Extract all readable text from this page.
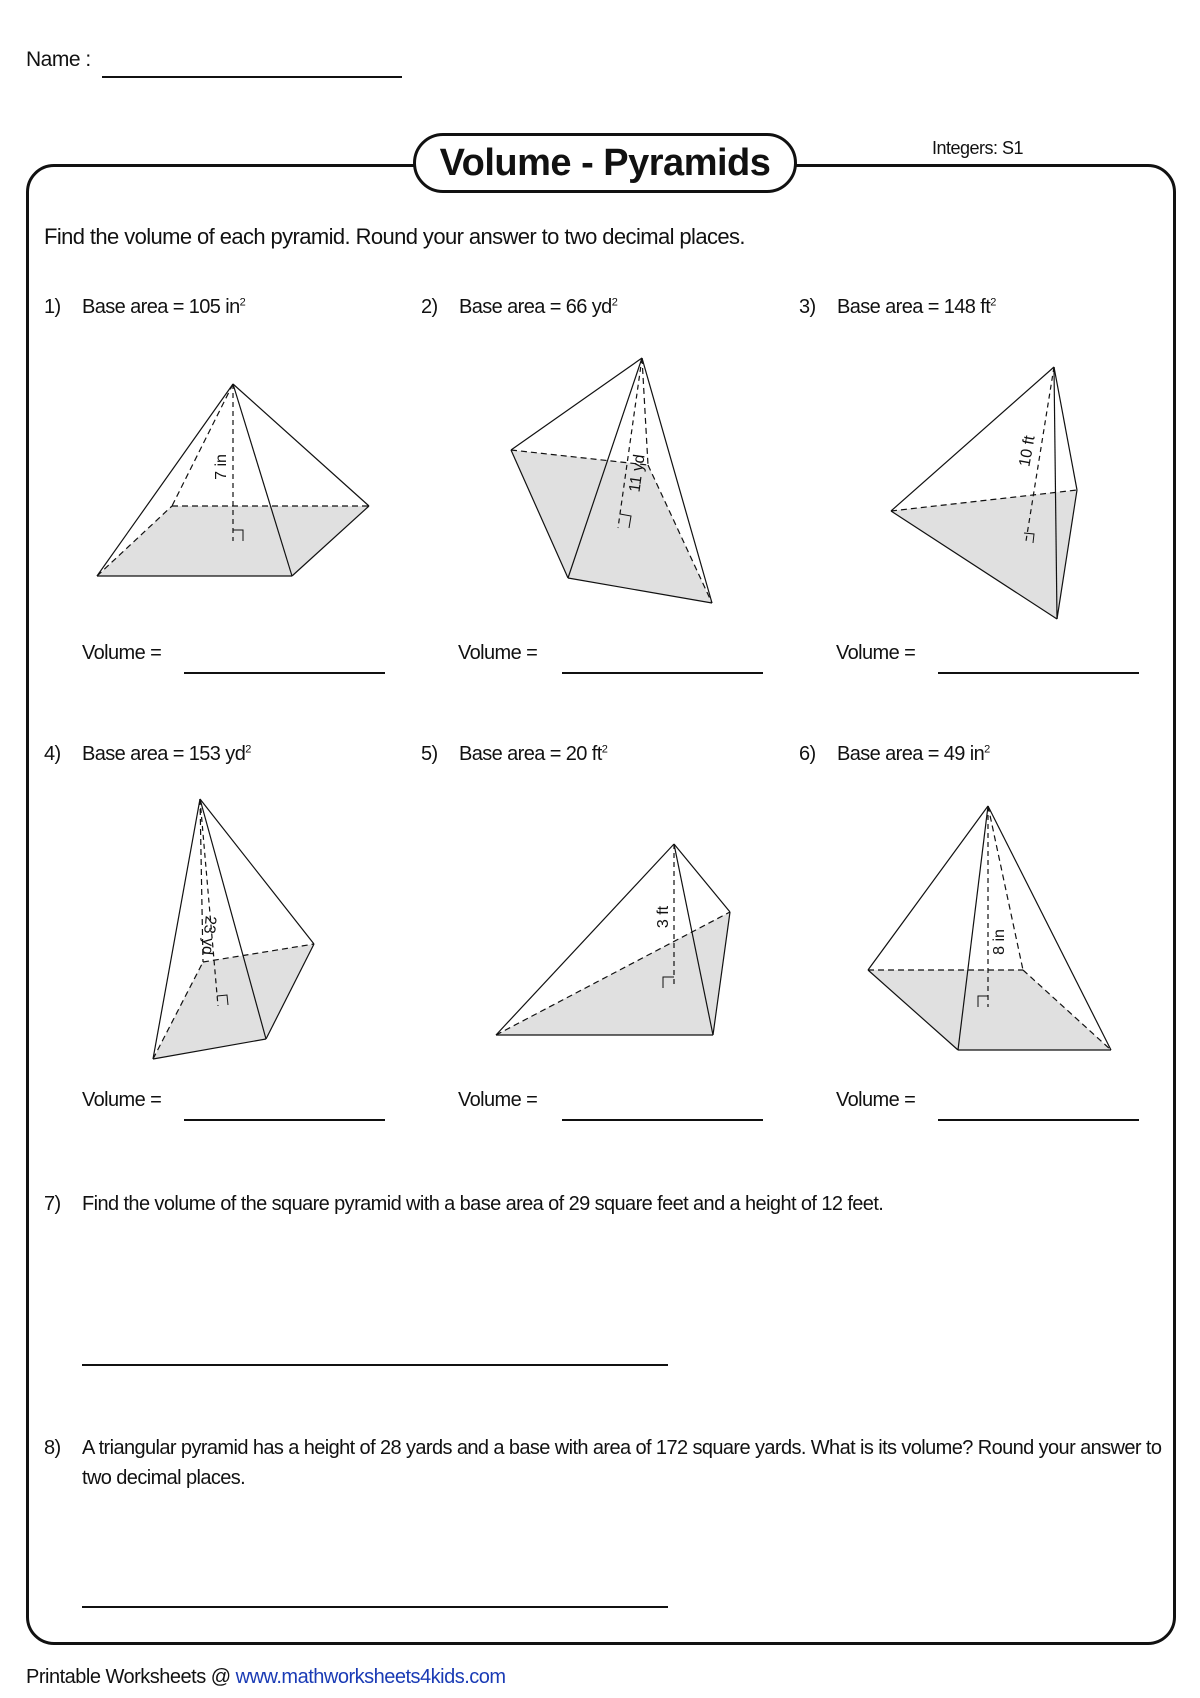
Name :
Volume - Pyramids	Integers: S1
Find the volume of each pyramid. Round your answer to two decimal places.
1) Base area = 105 $in^2$	2) Base area = 66 $yd^2$	3) Base area = 148 $ft^2$
4) Base area = 153 $yd^2$	5) Base area = 20 $ft^2$	6) Base area = 49 $in^2$
7 in	11 yd
10 ft
23 yd	3 ft
8 in
Volume =	Volume =	Volume =
Volume =	Volume =	Volume =
7) Find the volume of the square pyramid with a base area of 29 square feet and a height of 12 feet.
8) A triangular pyramid has a height of 28 yards and a base with area of 172 square yards. What is its volume? Round your answer to two decimal places.
Printable Worksheets @ www.mathworksheets4kids.com
